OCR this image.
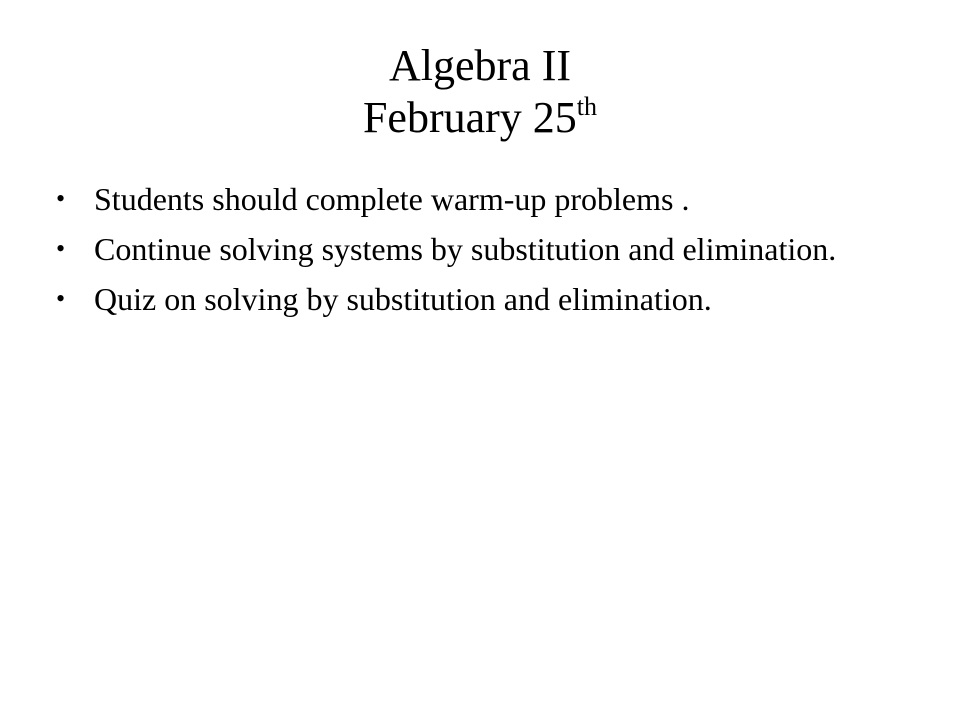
Algebra II
February 25th
• Students should complete warm-up problems .
• Continue solving systems by substitution and elimination.
• Quiz on solving by substitution and elimination.
